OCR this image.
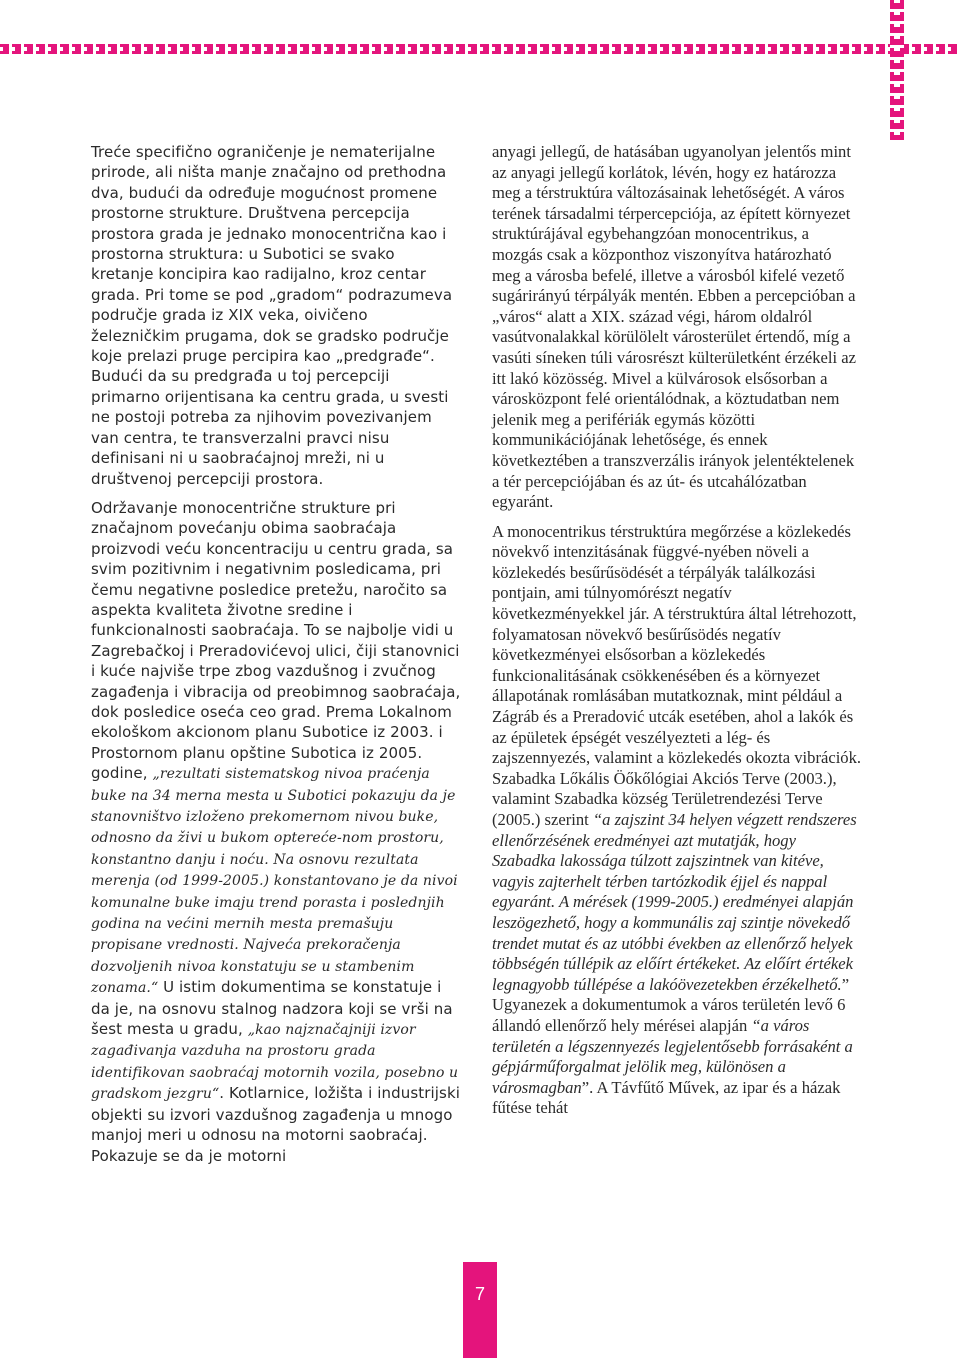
Treće specifično ograničenje je nematerijalne prirode, ali ništa manje značajno od prethodna dva, budući da određuje mogućnost promene prostorne strukture. Društvena percepcija prostora grada je jednako monocentrična kao i prostorna struktura: u Subotici se svako kretanje koncipira kao radijalno, kroz centar grada. Pri tome se pod „gradom“ podrazumeva područje grada iz XIX veka, oivičeno železničkim prugama, dok se gradsko područje koje prelazi pruge percipira kao „predgrađe“. Budući da su predgrađa u toj percepciji primarno orijentisana ka centru grada, u svesti ne postoji potreba za njihovim povezivanjem van centra, te transverzalni pravci nisu definisani ni u saobraćajnoj mreži, ni u društvenoj percepciji prostora.

Održavanje monocentrične strukture pri značajnom povećanju obima saobraćaja proizvodi veću koncentraciju u centru grada, sa svim pozitivnim i negativnim posledicama, pri čemu negativne posledice pretežu, naročito sa aspekta kvaliteta životne sredine i funkcionalnosti saobraćaja. To se najbolje vidi u Zagrebačkoj i Preradovićevoj ulici, čiji stanovnici i kuće najviše trpe zbog vazdušnog i zvučnog zagađenja i vibracija od preobimnog saobraćaja, dok posledice oseća ceo grad. Prema Lokalnom ekološkom akcionom planu Subotice iz 2003. i Prostornom planu opštine Subotica iz 2005. godine, „rezultati sistematskog nivoa praćenja buke na 34 merna mesta u Subotici pokazuju da je stanovništvo izloženo prekomernom nivou buke, odnosno da živi u bukom optereće-nom prostoru, konstantno danju i noću. Na osnovu rezultata merenja (od 1999-2005.) konstantovano je da nivoi komunalne buke imaju trend porasta i poslednjih godina na većini mernih mesta premašuju propisane vrednosti. Najveća prekoračenja dozvoljenih nivoa konstatuju se u stambenim zonama.“ U istim dokumentima se konstatuje i da je, na osnovu stalnog nadzora koji se vrši na šest mesta u gradu, „kao najznačajniji izvor zagađivanja vazduha na prostoru grada identifikovan saobraćaj motornih vozila, posebno u gradskom jezgru“. Kotlarnice, ložišta i industrijski objekti su izvori vazdušnog zagađenja u mnogo manjoj meri u odnosu na motorni saobraćaj. Pokazuje se da je motorni

anyagi jellegű, de hatásában ugyanolyan jelentős mint az anyagi jellegű korlátok, lévén, hogy ez határozza meg a térstruktúra változásainak lehetőségét. A város terének társadalmi térpercepciója, az épített környezet struktúrájával egybehangzóan monocentrikus, a mozgás csak a központhoz viszonyítva határozható meg a városba befelé, illetve a városból kifelé vezető sugárirányú térpályák mentén. Ebben a percepcióban a „város“ alatt a XIX. század végi, három oldalról vasútvonalakkal körülölelt városterület értendő, míg a vasúti síneken túli városrészt külterületként érzékeli az itt lakó közösség. Mivel a külvárosok elsősorban a városközpont felé orientálódnak, a köztudatban nem jelenik meg a perifériák egymás közötti kommunikációjának lehetősége, és ennek következtében a transzverzális irányok jelentéktelenek a tér percepciójában és az út- és utcahálózatban egyaránt.

A monocentrikus térstruktúra megőrzése a közlekedés növekvő intenzitásának függvé-nyében növeli a közlekedés besűrűsödését a térpályák találkozási pontjain, ami túlnyomórészt negatív következményekkel jár. A térstruktúra által létrehozott, folyamatosan növekvő besűrűsödés negatív következményei elsősorban a közlekedés funkcionalitásának csökkenésében és a környezet állapotának romlásában mutatkoznak, mint például a Zágráb és a Preradović utcák esetében, ahol a lakók és az épületek épségét veszélyezteti a lég- és zajszennyezés, valamint a közlekedés okozta vibrációk. Szabadka Lőkális Öőkőlógiai Akciós Terve (2003.), valamint Szabadka község Területrendezési Terve (2005.) szerint “a zajszint 34 helyen végzett rendszeres ellenőrzésének eredményei azt mutatják, hogy Szabadka lakossága túlzott zajszintnek van kitéve, vagyis zajterhelt térben tartózkodik éjjel és nappal egyaránt. A mérések (1999-2005.) eredményei alapján leszögezhető, hogy a kommunális zaj szintje növekedő trendet mutat és az utóbbi években az ellenőrző helyek többségén túllépik az előírt értékeket. Az előírt értékek legnagyobb túllépése a lakóövezetekben érzékelhető.” Ugyanezek a dokumentumok a város területén levő 6 állandó ellenőrző hely mérései alapján “a város területén a légszennyezés legjelentősebb forrásaként a gépjárműforgalmat jelölik meg, különösen a városmagban”. A Távfűtő Művek, az ipar és a házak fűtése tehát

7
